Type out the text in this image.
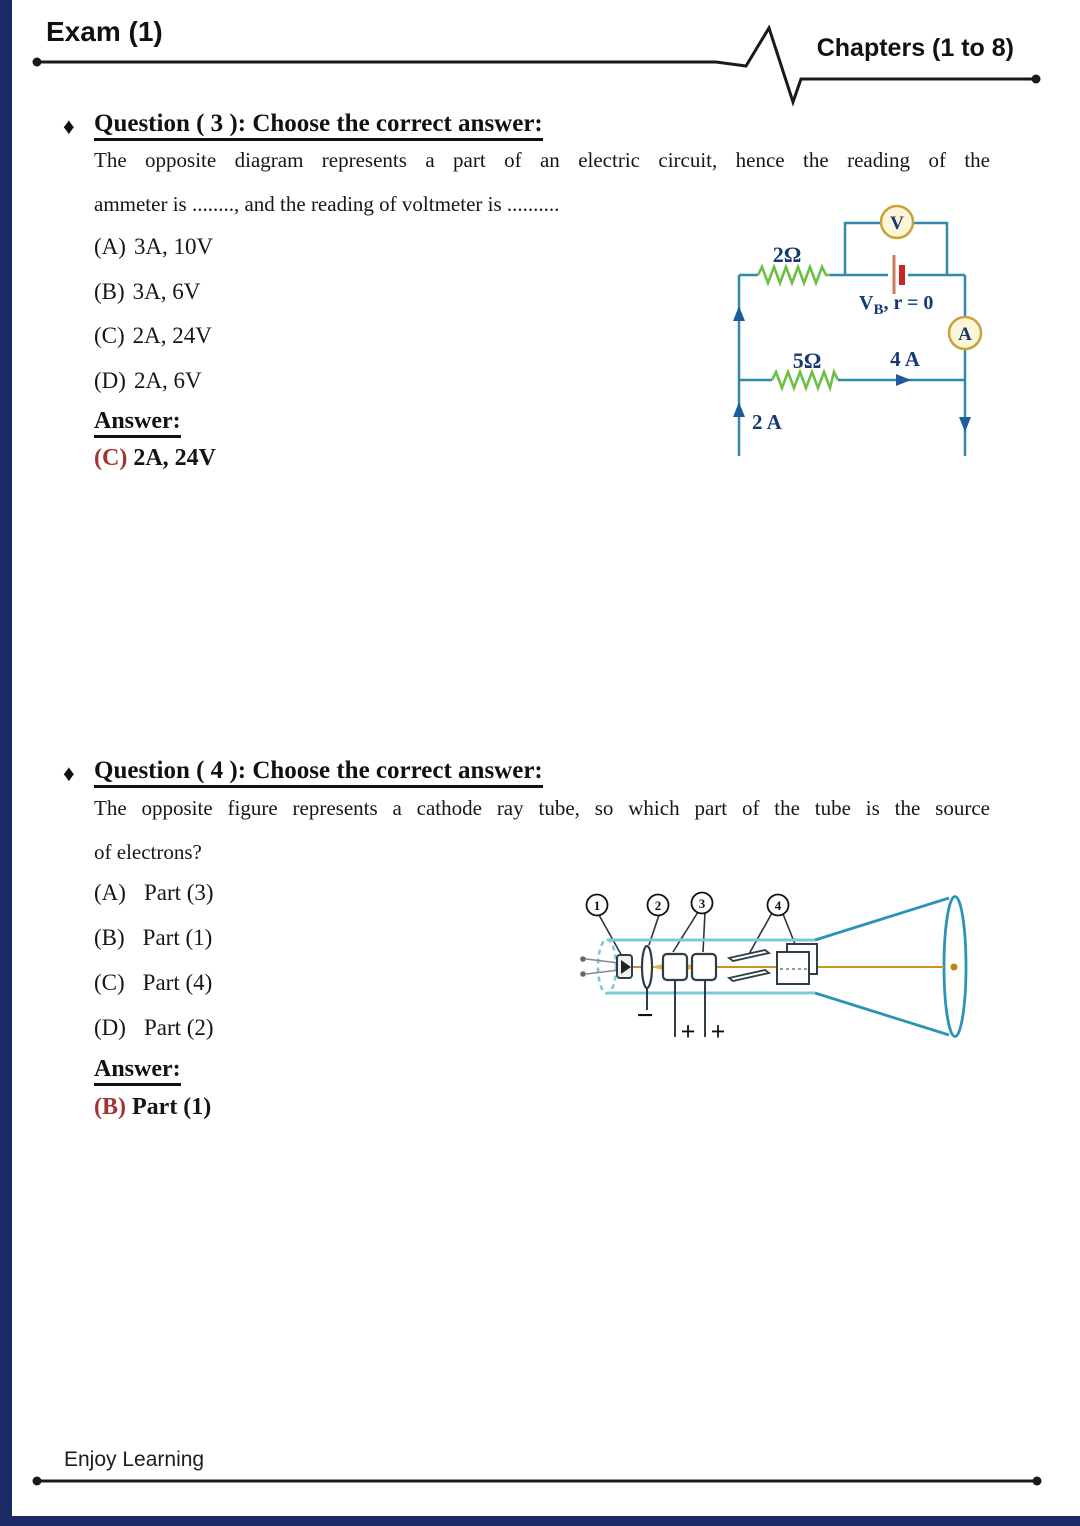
Exam (1)
Chapters (1 to 8)
♦ Question ( 3 ): Choose the correct answer:
The opposite diagram represents a part of an electric circuit, hence the reading of the
ammeter is ........, and the reading of voltmeter is ..........
(A) 3A, 10V
(B) 3A, 6V
(C) 2A, 24V
(D) 2A, 6V
Answer:
(C) 2A, 24V
V
A
2Ω
5Ω	4 A
2 A
$V_B$, r = 0
♦ Question ( 4 ): Choose the correct answer:
The opposite figure represents a cathode ray tube, so which part of the tube is the source
of electrons?
(A) Part (3)
(B) Part (1)
(C) Part (4)
(D) Part (2)
Answer:
(B) Part (1)
− + +
1	2	3	4
Enjoy Learning
